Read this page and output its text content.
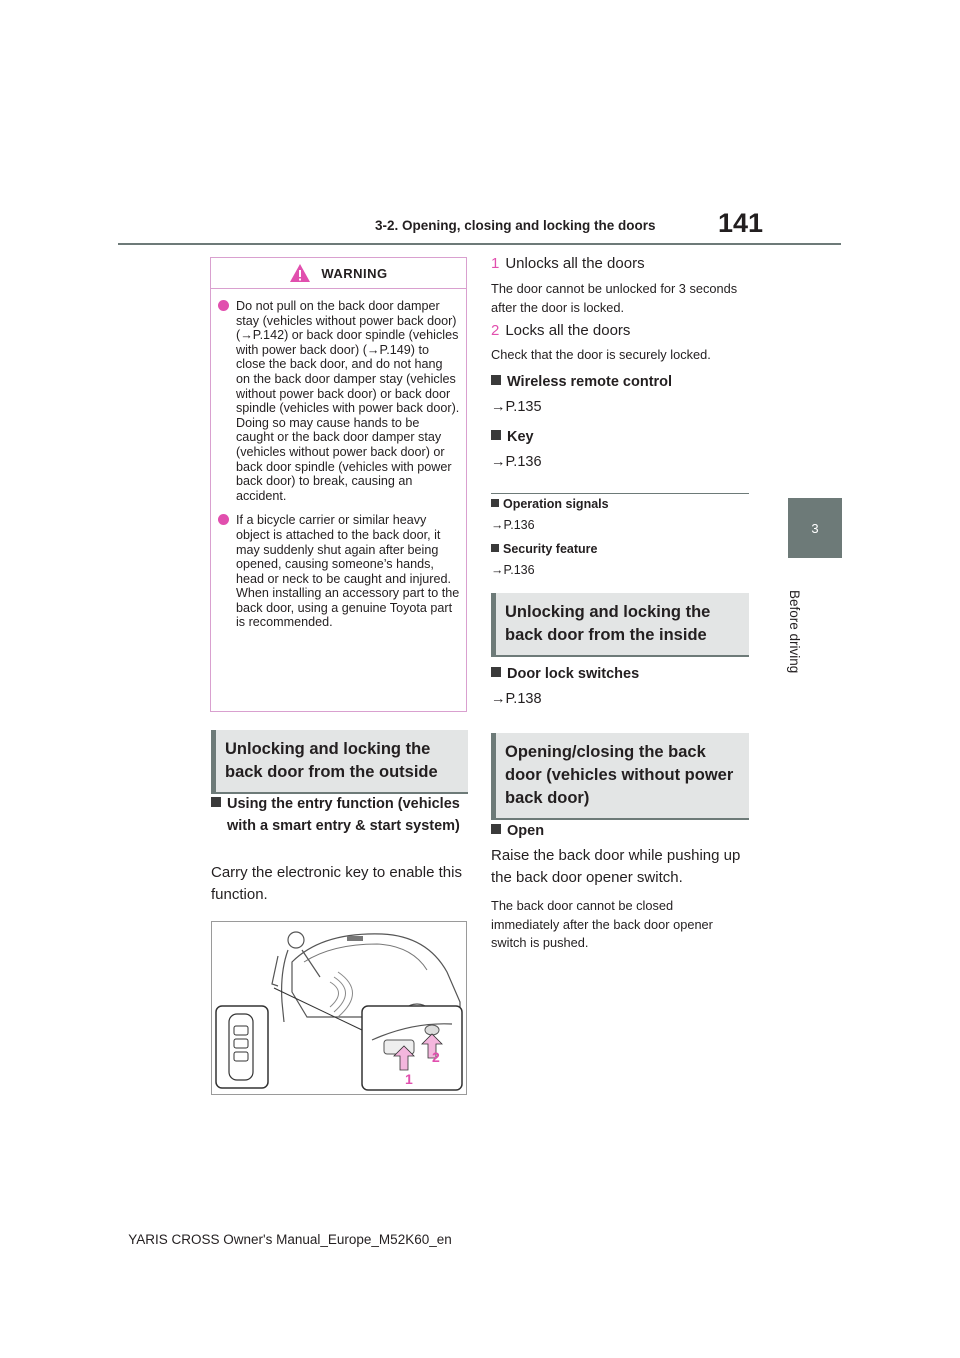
3-2. Opening, closing and locking the doors	141
3
Before driving
WARNING
Do not pull on the back door damper stay (vehicles without power back door) (→P.142) or back door spindle (vehicles with power back door) (→P.149) to close the back door, and do not hang on the back door damper stay (vehicles without power back door) or back door spindle (vehicles with power back door). Doing so may cause hands to be caught or the back door damper stay (vehicles without power back door) or back door spindle (vehicles with power back door) to break, causing an accident.
If a bicycle carrier or similar heavy object is attached to the back door, it may suddenly shut again after being opened, causing someone’s hands, head or neck to be caught and injured. When installing an accessory part to the back door, using a genuine Toyota part is recommended.
Unlocking and locking the back door from the outside
Using the entry function (vehicles with a smart entry & start system)
Carry the electronic key to enable this function.
1
2
1 Unlocks all the doors
The door cannot be unlocked for 3 seconds after the door is locked.
2 Locks all the doors
Check that the door is securely locked.
Wireless remote control
→P.135
Key
→P.136
Operation signals
→P.136
Security feature
→P.136
Unlocking and locking the back door from the inside
Door lock switches
→P.138
Opening/closing the back door (vehicles without power back door)
Open
Raise the back door while pushing up the back door opener switch.
The back door cannot be closed immediately after the back door opener switch is pushed.
YARIS CROSS Owner's Manual_Europe_M52K60_en
